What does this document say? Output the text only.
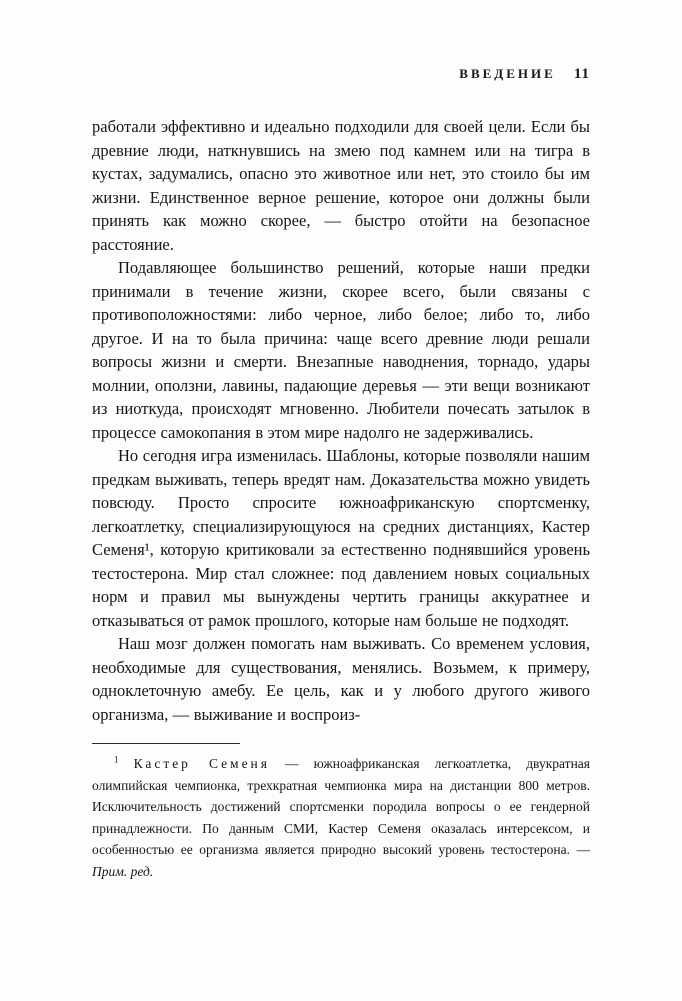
ВВЕДЕНИЕ 11

работали эффективно и идеально подходили для своей цели. Если бы древние люди, наткнувшись на змею под камнем или на тигра в кустах, задумались, опасно это животное или нет, это стоило бы им жизни. Единственное верное решение, которое они должны были принять как можно скорее, — быстро отойти на безопасное расстояние.

Подавляющее большинство решений, которые наши предки принимали в течение жизни, скорее всего, были связаны с противоположностями: либо черное, либо белое; либо то, либо другое. И на то была причина: чаще всего древние люди решали вопросы жизни и смерти. Внезапные наводнения, торнадо, удары молнии, оползни, лавины, падающие деревья — эти вещи возникают из ниоткуда, происходят мгновенно. Любители почесать затылок в процессе самокопания в этом мире надолго не задерживались.

Но сегодня игра изменилась. Шаблоны, которые позволяли нашим предкам выживать, теперь вредят нам. Доказательства можно увидеть повсюду. Просто спросите южноафриканскую спортсменку, легкоатлетку, специализирующуюся на средних дистанциях, Кастер Семеня¹, которую критиковали за естественно поднявшийся уровень тестостерона. Мир стал сложнее: под давлением новых социальных норм и правил мы вынуждены чертить границы аккуратнее и отказываться от рамок прошлого, которые нам больше не подходят.

Наш мозг должен помогать нам выживать. Со временем условия, необходимые для существования, менялись. Возьмем, к примеру, одноклеточную амебу. Ее цель, как и у любого другого живого организма, — выживание и воспроиз-

$^1$ Кастер Семеня — южноафриканская легкоатлетка, двукратная олимпийская чемпионка, трехкратная чемпионка мира на дистанции 800 метров. Исключительность достижений спортсменки породила вопросы о ее гендерной принадлежности. По данным СМИ, Кастер Семеня оказалась интерсексом, и особенностью ее организма является природно высокий уровень тестостерона. — Прим. ред.
